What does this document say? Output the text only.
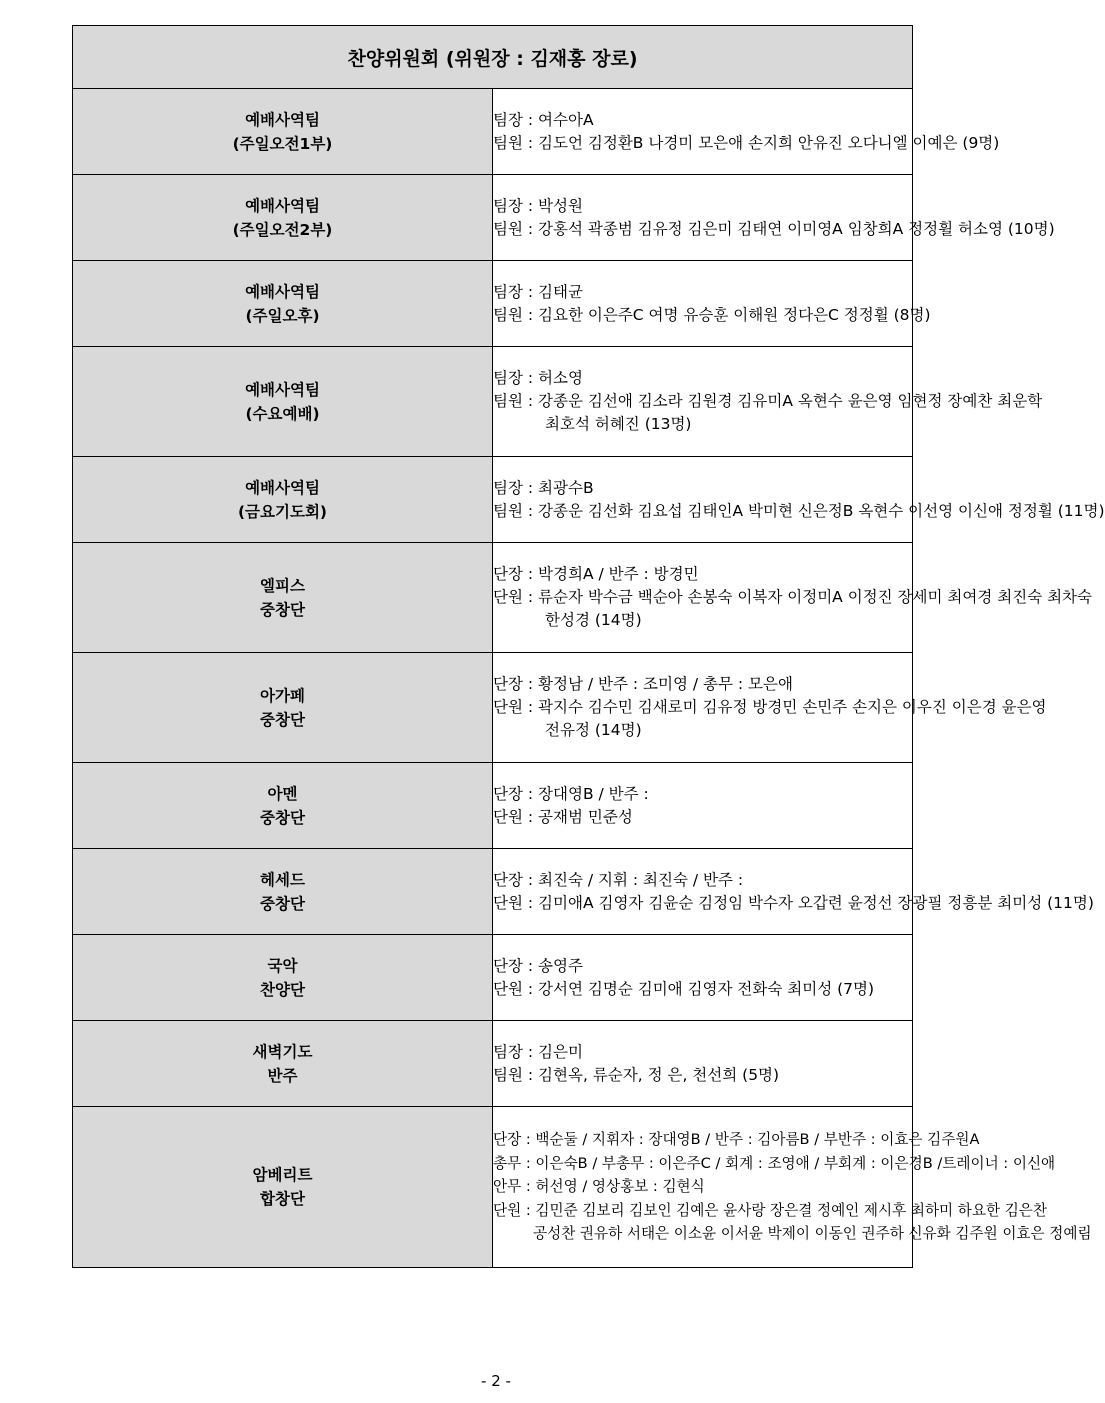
찬양위원회 (위원장 : 김재홍 장로)	

예배사역팀
(주일오전1부)	팀장 : 여수아A
팀원 : 김도언 김정환B 나경미 모은애 손지희 안유진 오다니엘 이예은 (9명)

예배사역팀
(주일오전2부)	팀장 : 박성원
팀원 : 강홍석 곽종범 김유정 김은미 김태연 이미영A 임창희A 정정휠 허소영 (10명)

예배사역팀
(주일오후)	팀장 : 김태균
팀원 : 김요한 이은주C 여명 유승훈 이해원 정다은C 정정휠 (8명)

예배사역팀
(수요예배)	팀장 : 허소영
팀원 : 강종운 김선애 김소라 김원경 김유미A 옥현수 윤은영 임현정 장예찬 최운학
최호석 허혜진 (13명)

예배사역팀
(금요기도회)	팀장 : 최광수B
팀원 : 강종운 김선화 김요섭 김태인A 박미현 신은정B 옥현수 이선영 이신애 정정휠 (11명)

엘피스
중창단	단장 : 박경희A / 반주 : 방경민
단원 : 류순자 박수금 백순아 손봉숙 이복자 이정미A 이정진 장세미 최여경 최진숙 최차숙
한성경 (14명)

아가페
중창단	단장 : 황정남 / 반주 : 조미영 / 총무 : 모은애
단원 : 곽지수 김수민 김새로미 김유정 방경민 손민주 손지은 이우진 이은경 윤은영
전유정 (14명)

아멘
중창단	단장 : 장대영B / 반주 :
단원 : 공재범 민준성

헤세드
중창단	단장 : 최진숙 / 지휘 : 최진숙 / 반주 :
단원 : 김미애A 김영자 김윤순 김정임 박수자 오갑련 윤정선 장광필 정흥분 최미성 (11명)

국악
찬양단	단장 : 송영주
단원 : 강서연 김명순 김미애 김영자 전화숙 최미성 (7명)

새벽기도
반주	팀장 : 김은미
팀원 : 김현옥, 류순자, 정 은, 천선희 (5명)

암베리트
합창단	단장 : 백순둘 / 지휘자 : 장대영B / 반주 : 김아름B / 부반주 : 이효은 김주원A
총무 : 이은숙B / 부총무 : 이은주C / 회계 : 조영애 / 부회계 : 이은경B /트레이너 : 이신애
안무 : 허선영 / 영상홍보 : 김현식
단원 : 김민준 김보리 김보인 김예은 윤사랑 장은결 정예인 제시후 최하미 하요한 김은찬
공성찬 권유하 서태은 이소윤 이서윤 박제이 이동인 권주하 신유화 김주원 이효은 정예림
- 2 -
